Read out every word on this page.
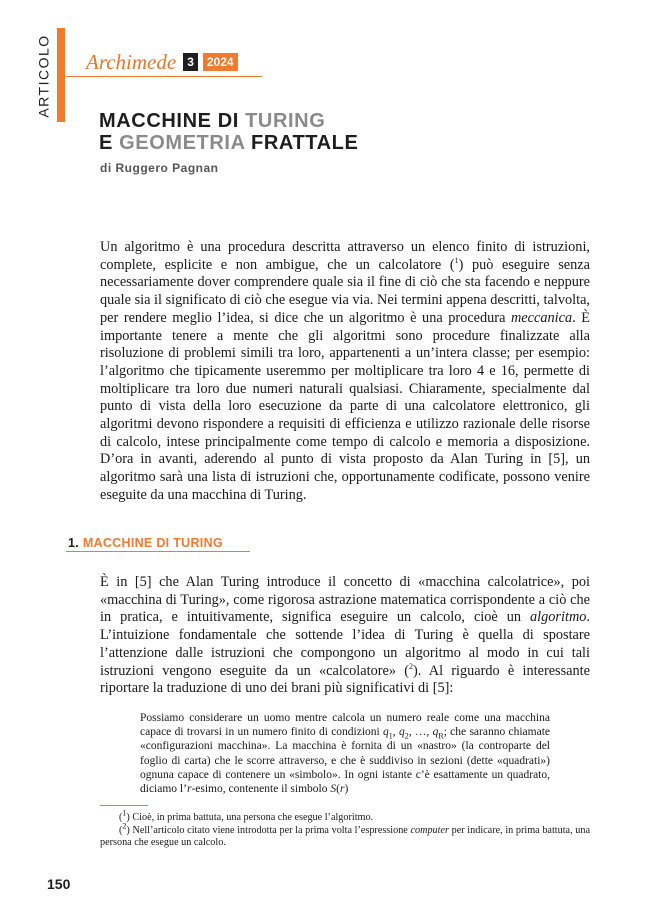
ARTICOLO Archimede 3	2024
MACCHINE DI TURING
E GEOMETRIA FRATTALE
di Ruggero Pagnan

Un algoritmo è una procedura descritta attraverso un elenco finito di istruzioni, complete, esplicite e non ambigue, che un calcolatore ($^1$) può eseguire senza necessariamente dover comprendere quale sia il fine di ciò che sta facendo e neppure quale sia il significato di ciò che esegue via via. Nei termini appena descritti, talvolta, per rendere meglio l’idea, si dice che un algoritmo è una procedura meccanica. È importante tenere a mente che gli algoritmi sono procedure finalizzate alla risoluzione di problemi simili tra loro, appartenenti a un’intera classe; per esempio: l’algoritmo che tipicamente useremmo per moltiplicare tra loro 4 e 16, permette di moltiplicare tra loro due numeri naturali qualsiasi. Chiaramente, specialmente dal punto di vista della loro esecuzione da parte di una calcolatore elettronico, gli algoritmi devono rispondere a requisiti di efficienza e utilizzo razionale delle risorse di calcolo, intese principalmente come tempo di calcolo e memoria a disposizione. D’ora in avanti, aderendo al punto di vista proposto da Alan Turing in [5], un algoritmo sarà una lista di istruzioni che, opportunamente codificate, possono venire eseguite da una macchina di Turing.

1. MACCHINE DI TURING

È in [5] che Alan Turing introduce il concetto di «macchina calcolatrice», poi «macchina di Turing», come rigorosa astrazione matematica corrispondente a ciò che in pratica, e intuitivamente, significa eseguire un calcolo, cioè un algoritmo. L’intuizione fondamentale che sottende l’idea di Turing è quella di spostare l’attenzione dalle istruzioni che compongono un algoritmo al modo in cui tali istruzioni vengono eseguite da un «calcolatore» ($^2$). Al riguardo è interessante riportare la traduzione di uno dei brani più significativi di [5]:

Possiamo considerare un uomo mentre calcola un numero reale come una macchina capace di trovarsi in un numero finito di condizioni $q_1$, $q_2$, …, $q_R$; che saranno chiamate «configurazioni macchina». La macchina è fornita di un «nastro» (la controparte del foglio di carta) che le scorre attraverso, e che è suddiviso in sezioni (dette «quadrati») ognuna capace di contenere un «simbolo». In ogni istante c’è esattamente un quadrato, diciamo l’r-esimo, contenente il simbolo S(r)

($^1$) Cioè, in prima battuta, una persona che esegue l’algoritmo.

($^2$) Nell’articolo citato viene introdotta per la prima volta l’espressione computer per indicare, in prima battuta, una persona che esegue un calcolo.

150
